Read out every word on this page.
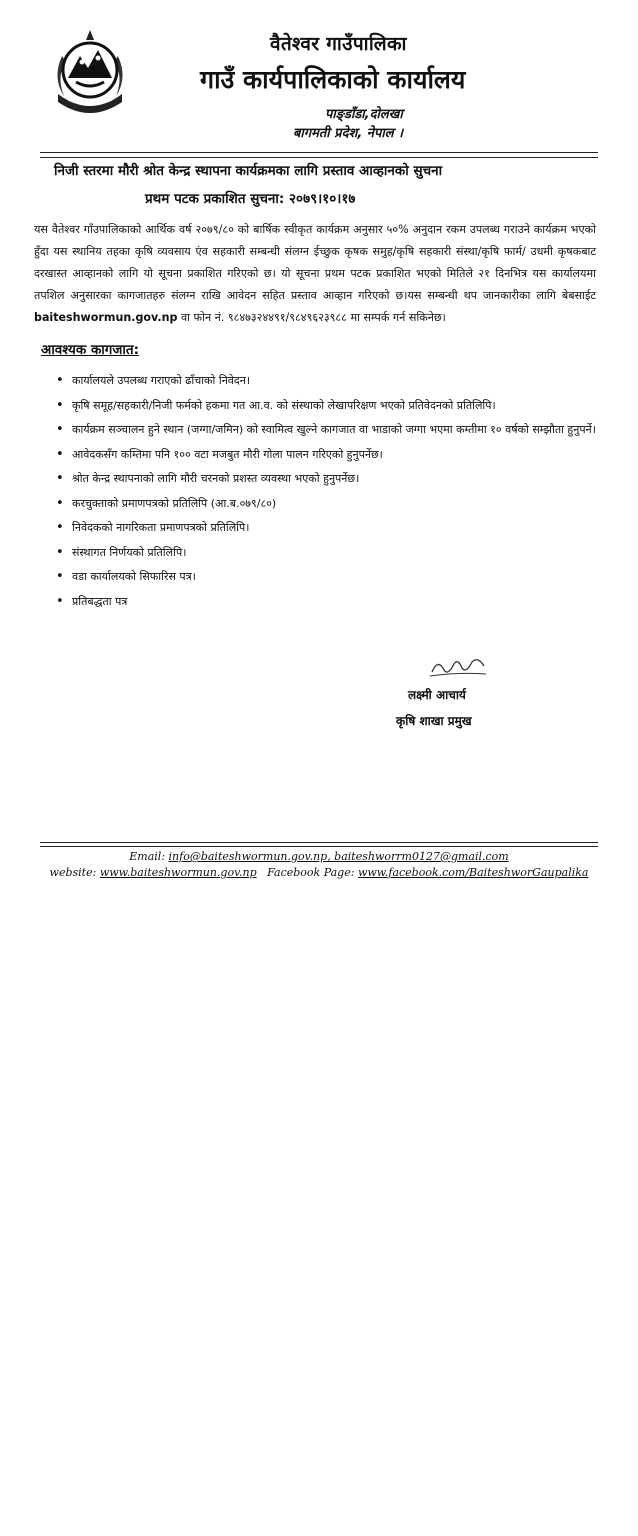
वैतेश्वर गाउँपालिका
गाउँ कार्यपालिकाको कार्यालय
पाङ्डाँडा,दोलखा
बागमती प्रदेश, नेपाल ।
निजी स्तरमा मौरी श्रोत केन्द्र स्थापना कार्यक्रमका लागि प्रस्ताव आव्हानको सुचना
प्रथम पटक प्रकाशित सुचना: २०७९।१०।१७
यस वैतेश्वर गाँउपालिकाको आर्थिक वर्ष २०७९/८० को बार्षिक स्वीकृत कार्यक्रम अनुसार ५०% अनुदान रकम उपलब्ध गराउने कार्यक्रम भएको हुँदा यस स्थानिय तहका कृषि व्यवसाय एंव सहकारी सम्बन्धी संलग्न ईच्छुक कृषक समुह/कृषि सहकारी संस्था/कृषि फार्म/ उधमी कृषकबाट दरखास्त आव्हानको लागि यो सूचना प्रकाशित गरिएको छ। यो सूचना प्रथम पटक प्रकाशित भएको मितिले २१ दिनभित्र यस कार्यालयमा तपशिल अनुसारका कागजातहरु संलग्न राखि आवेदन सहित प्रस्ताव आव्हान गरिएको छ।यस सम्बन्धी थप जानकारीका लागि बेबसाईट baiteshwormun.gov.np वा फोन नं. ९८४७३२४४९१/९८४९६२३९८८ मा सम्पर्क गर्न सकिनेछ।
आवश्यक कागजात:
• कार्यालयले उपलब्ध गराएको ढाँचाको निवेदन।
• कृषि समूह/सहकारी/निजी फर्मको हकमा गत आ.व. को संस्थाको लेखापरिक्षण भएको प्रतिवेदनको प्रतिलिपि।
• कार्यक्रम सञ्चालन हुने स्थान (जग्गा/जमिन) को स्वामित्व खुल्ने कागजात वा भाडाको जग्गा भएमा कम्तीमा १० वर्षको सम्झौता हुनुपर्ने।
• आवेदकसँग कम्तिमा पनि १०० वटा मजबुत मौरी गोला पालन गरिएको हुनुपर्नेछ।
• श्रोत केन्द्र स्थापनाको लागि मौरी चरनको प्रशस्त व्यवस्था भएको हुनुपर्नेछ।
• करचुक्ताको प्रमाणपत्रको प्रतिलिपि (आ.ब.०७९/८०)
• निवेदकको नागरिकता प्रमाणपत्रको प्रतिलिपि।
• संस्थागत निर्णयको प्रतिलिपि।
• वडा कार्यालयको सिफारिस पत्र।
• प्रतिबद्धता पत्र
लक्ष्मी आचार्य
कृषि शाखा प्रमुख
Email: info@baiteshwormun.gov.np, baiteshworrm0127@gmail.com
website: www.baiteshwormun.gov.np Facebook Page: www.facebook.com/BaiteshworGaupalika
